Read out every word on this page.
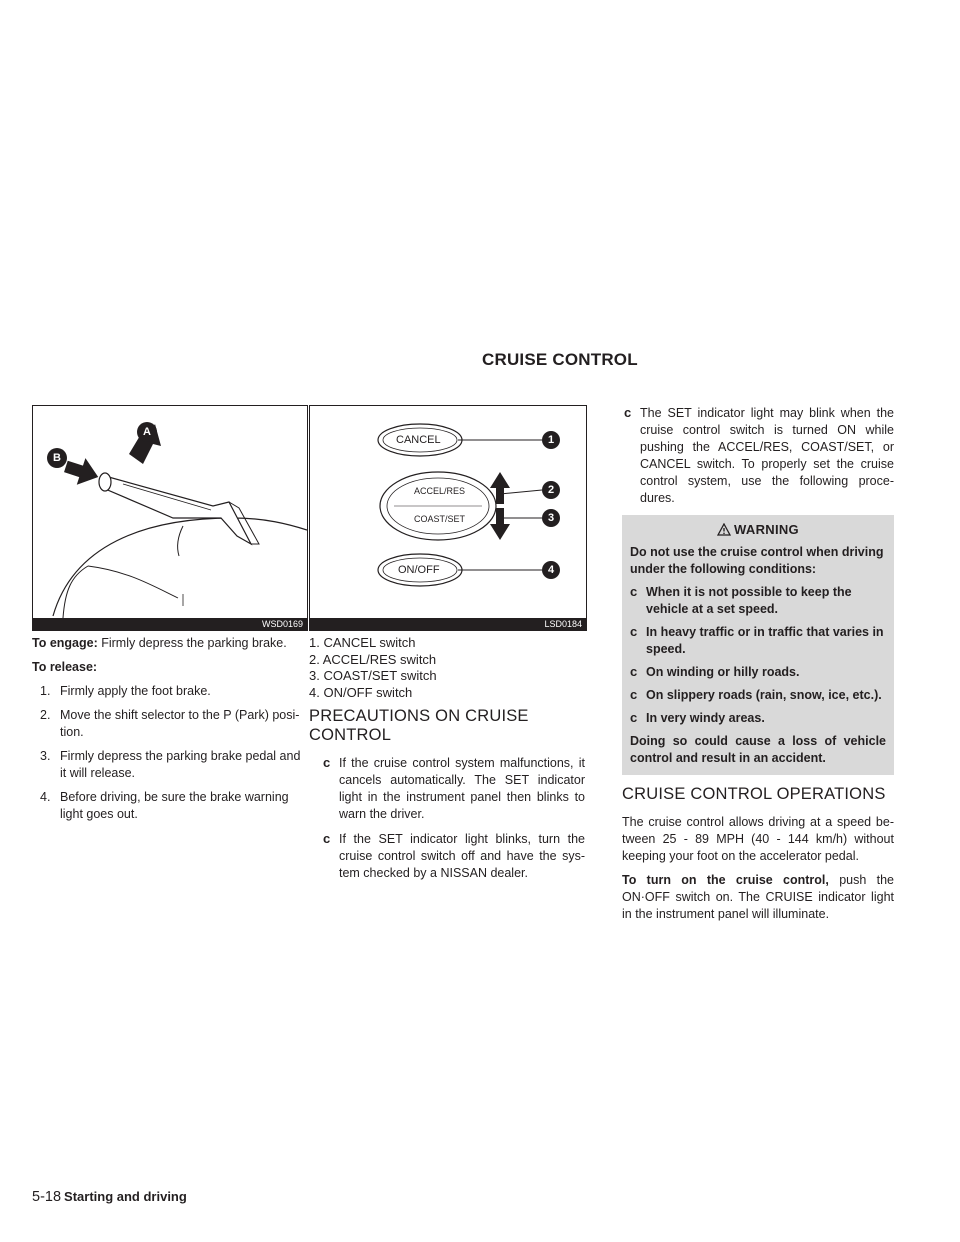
CRUISE CONTROL
A
B
WSD0169
CANCEL
ACCEL/RES
COAST/SET
ON/OFF
1
2
3
4
LSD0184

To engage: Firmly depress the parking brake.

To release:

1. Firmly apply the foot brake.
2. Move the shift selector to the P (Park) posi-tion.
3. Firmly depress the parking brake pedal and it will release.
4. Before driving, be sure the brake warning light goes out.
1. CANCEL switch
2. ACCEL/RES switch
3. COAST/SET switch
4. ON/OFF switch
PRECAUTIONS ON CRUISE
CONTROL
c If the cruise control system malfunctions, it cancels automatically. The SET indicator light in the instrument panel then blinks to warn the driver.
c If the SET indicator light blinks, turn the cruise control switch off and have the sys-tem checked by a NISSAN dealer.
c The SET indicator light may blink when the cruise control switch is turned ON while pushing the ACCEL/RES, COAST/SET, or CANCEL switch. To properly set the cruise control system, use the following proce-dures.
WARNING

Do not use the cruise control when driving under the following conditions:

c When it is not possible to keep the vehicle at a set speed.
c In heavy traffic or in traffic that varies in speed.
c On winding or hilly roads.
c On slippery roads (rain, snow, ice, etc.).
c In very windy areas.

Doing so could cause a loss of vehicle control and result in an accident.

CRUISE CONTROL OPERATIONS

The cruise control allows driving at a speed be-tween 25 - 89 MPH (40 - 144 km/h) without keeping your foot on the accelerator pedal.

To turn on the cruise control, push the ON·OFF switch on. The CRUISE indicator light in the instrument panel will illuminate.

5-18 Starting and driving
